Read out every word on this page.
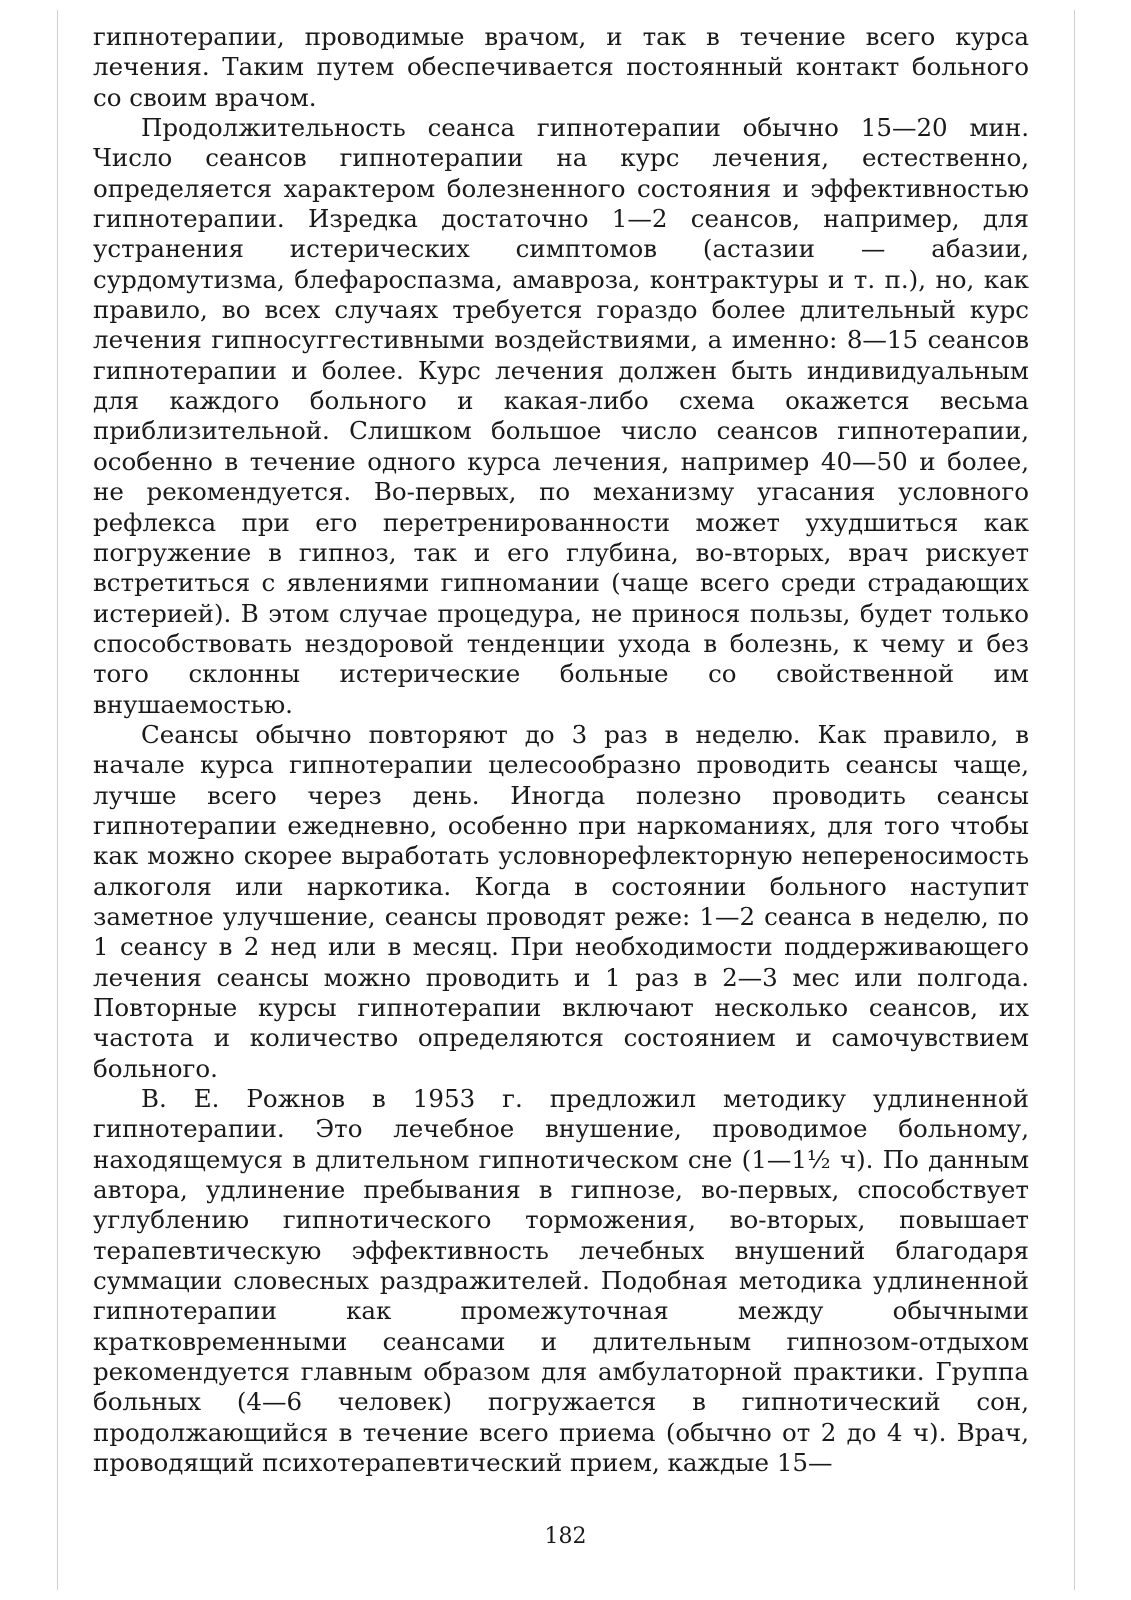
гипнотерапии, проводимые врачом, и так в течение всего курса лечения. Таким путем обеспечивается постоянный контакт больного со своим врачом.

Продолжительность сеанса гипнотерапии обычно 15—20 мин. Число сеансов гипнотерапии на курс лечения, естественно, определяется характером болезненного состояния и эффективностью гипнотерапии. Изредка достаточно 1—2 сеансов, например, для устранения истерических симптомов (астазии — абазии, сурдомутизма, блефароспазма, амавроза, контрактуры и т. п.), но, как правило, во всех случаях требуется гораздо более длительный курс лечения гипносуггестивными воздействиями, а именно: 8—15 сеансов гипнотерапии и более. Курс лечения должен быть индивидуальным для каждого больного и какая-либо схема окажется весьма приблизительной. Слишком большое число сеансов гипнотерапии, особенно в течение одного курса лечения, например 40—50 и более, не рекомендуется. Во-первых, по механизму угасания условного рефлекса при его перетренированности может ухудшиться как погружение в гипноз, так и его глубина, во-вторых, врач рискует встретиться с явлениями гипномании (чаще всего среди страдающих истерией). В этом случае процедура, не принося пользы, будет только способствовать нездоровой тенденции ухода в болезнь, к чему и без того склонны истерические больные со свойственной им внушаемостью.

Сеансы обычно повторяют до 3 раз в неделю. Как правило, в начале курса гипнотерапии целесообразно проводить сеансы чаще, лучше всего через день. Иногда полезно проводить сеансы гипнотерапии ежедневно, особенно при наркоманиях, для того чтобы как можно скорее выработать условнорефлекторную непереносимость алкоголя или наркотика. Когда в состоянии больного наступит заметное улучшение, сеансы проводят реже: 1—2 сеанса в неделю, по 1 сеансу в 2 нед или в месяц. При необходимости поддерживающего лечения сеансы можно проводить и 1 раз в 2—3 мес или полгода. Повторные курсы гипнотерапии включают несколько сеансов, их частота и количество определяются состоянием и самочувствием больного.

В. Е. Рожнов в 1953 г. предложил методику удлиненной гипнотерапии. Это лечебное внушение, проводимое больному, находящемуся в длительном гипнотическом сне (1—1½ ч). По данным автора, удлинение пребывания в гипнозе, во-первых, способствует углублению гипнотического торможения, во-вторых, повышает терапевтическую эффективность лечебных внушений благодаря суммации словесных раздражителей. Подобная методика удлиненной гипнотерапии как промежуточная между обычными кратковременными сеансами и длительным гипнозом-отдыхом рекомендуется главным образом для амбулаторной практики. Группа больных (4—6 человек) погружается в гипнотический сон, продолжающийся в течение всего приема (обычно от 2 до 4 ч). Врач, проводящий психотерапевтический прием, каждые 15—

182
